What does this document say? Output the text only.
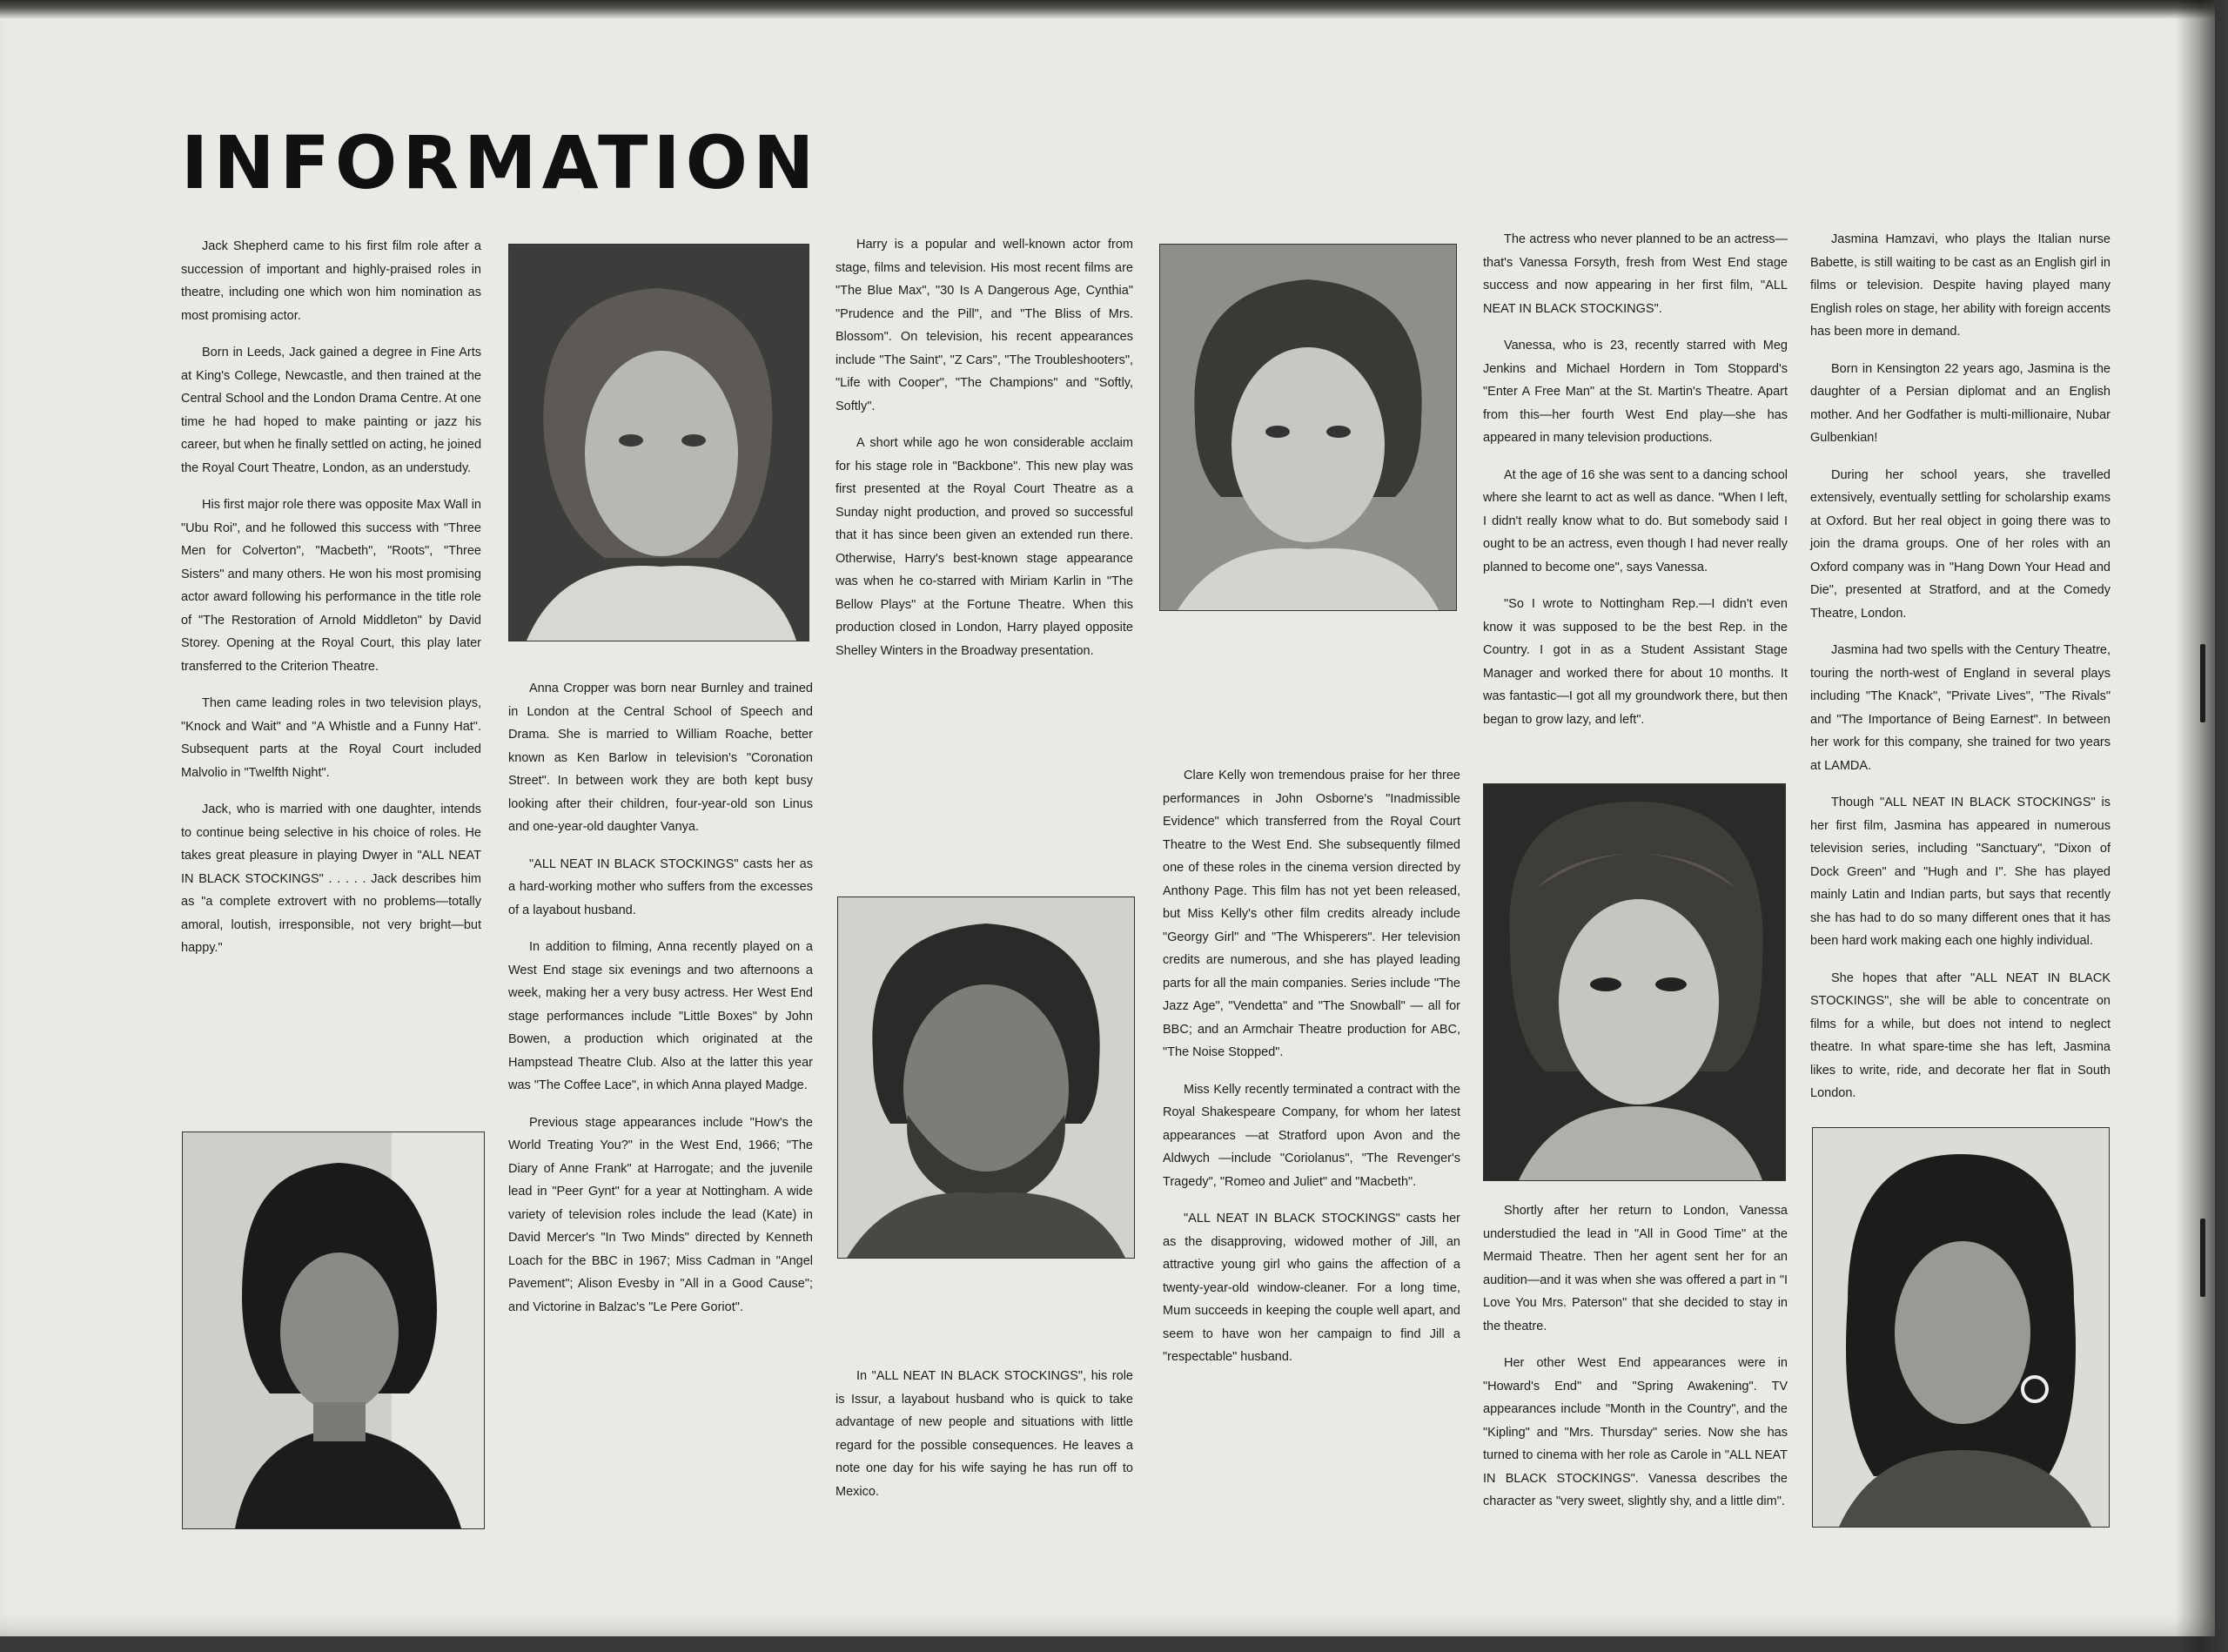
INFORMATION

Jack Shepherd came to his first film role after a succession of important and highly-praised roles in theatre, including one which won him nomination as most promising actor.

Born in Leeds, Jack gained a degree in Fine Arts at King's College, Newcastle, and then trained at the Central School and the London Drama Centre. At one time he had hoped to make painting or jazz his career, but when he finally settled on acting, he joined the Royal Court Theatre, London, as an understudy.

His first major role there was opposite Max Wall in "Ubu Roi", and he followed this success with "Three Men for Colverton", "Macbeth", "Roots", "Three Sisters" and many others. He won his most promising actor award following his performance in the title role of "The Restoration of Arnold Middleton" by David Storey. Opening at the Royal Court, this play later transferred to the Criterion Theatre.

Then came leading roles in two television plays, "Knock and Wait" and "A Whistle and a Funny Hat". Subsequent parts at the Royal Court included Malvolio in "Twelfth Night".

Jack, who is married with one daughter, intends to continue being selective in his choice of roles. He takes great pleasure in playing Dwyer in "ALL NEAT IN BLACK STOCKINGS" . . . . . Jack describes him as "a complete extrovert with no problems—totally amoral, loutish, irresponsible, not very bright—but happy."

Anna Cropper was born near Burnley and trained in London at the Central School of Speech and Drama. She is married to William Roache, better known as Ken Barlow in television's "Coronation Street". In between work they are both kept busy looking after their children, four-year-old son Linus and one-year-old daughter Vanya.

"ALL NEAT IN BLACK STOCKINGS" casts her as a hard-working mother who suffers from the excesses of a layabout husband.

In addition to filming, Anna recently played on a West End stage six evenings and two afternoons a week, making her a very busy actress. Her West End stage performances include "Little Boxes" by John Bowen, a production which originated at the Hampstead Theatre Club. Also at the latter this year was "The Coffee Lace", in which Anna played Madge.

Previous stage appearances include "How's the World Treating You?" in the West End, 1966; "The Diary of Anne Frank" at Harrogate; and the juvenile lead in "Peer Gynt" for a year at Nottingham. A wide variety of television roles include the lead (Kate) in David Mercer's "In Two Minds" directed by Kenneth Loach for the BBC in 1967; Miss Cadman in "Angel Pavement"; Alison Evesby in "All in a Good Cause"; and Victorine in Balzac's "Le Pere Goriot".

Harry is a popular and well-known actor from stage, films and television. His most recent films are "The Blue Max", "30 Is A Dangerous Age, Cynthia" "Prudence and the Pill", and "The Bliss of Mrs. Blossom". On television, his recent appearances include "The Saint", "Z Cars", "The Troubleshooters", "Life with Cooper", "The Champions" and "Softly, Softly".

A short while ago he won considerable acclaim for his stage role in "Backbone". This new play was first presented at the Royal Court Theatre as a Sunday night production, and proved so successful that it has since been given an extended run there. Otherwise, Harry's best-known stage appearance was when he co-starred with Miriam Karlin in "The Bellow Plays" at the Fortune Theatre. When this production closed in London, Harry played opposite Shelley Winters in the Broadway presentation.

In "ALL NEAT IN BLACK STOCKINGS", his role is Issur, a layabout husband who is quick to take advantage of new people and situations with little regard for the possible consequences. He leaves a note one day for his wife saying he has run off to Mexico.

Clare Kelly won tremendous praise for her three performances in John Osborne's "Inadmissible Evidence" which transferred from the Royal Court Theatre to the West End. She subsequently filmed one of these roles in the cinema version directed by Anthony Page. This film has not yet been released, but Miss Kelly's other film credits already include "Georgy Girl" and "The Whisperers". Her television credits are numerous, and she has played leading parts for all the main companies. Series include "The Jazz Age", "Vendetta" and "The Snowball" — all for BBC; and an Armchair Theatre production for ABC, "The Noise Stopped".

Miss Kelly recently terminated a contract with the Royal Shakespeare Company, for whom her latest appearances —at Stratford upon Avon and the Aldwych —include "Coriolanus", "The Revenger's Tragedy", "Romeo and Juliet" and "Macbeth".

"ALL NEAT IN BLACK STOCKINGS" casts her as the disapproving, widowed mother of Jill, an attractive young girl who gains the affection of a twenty-year-old window-cleaner. For a long time, Mum succeeds in keeping the couple well apart, and seem to have won her campaign to find Jill a "respectable" husband.

The actress who never planned to be an actress—that's Vanessa Forsyth, fresh from West End stage success and now appearing in her first film, "ALL NEAT IN BLACK STOCKINGS".

Vanessa, who is 23, recently starred with Meg Jenkins and Michael Hordern in Tom Stoppard's "Enter A Free Man" at the St. Martin's Theatre. Apart from this—her fourth West End play—she has appeared in many television productions.

At the age of 16 she was sent to a dancing school where she learnt to act as well as dance. "When I left, I didn't really know what to do. But somebody said I ought to be an actress, even though I had never really planned to become one", says Vanessa.

"So I wrote to Nottingham Rep.—I didn't even know it was supposed to be the best Rep. in the Country. I got in as a Student Assistant Stage Manager and worked there for about 10 months. It was fantastic—I got all my groundwork there, but then began to grow lazy, and left".

Shortly after her return to London, Vanessa understudied the lead in "All in Good Time" at the Mermaid Theatre. Then her agent sent her for an audition—and it was when she was offered a part in "I Love You Mrs. Paterson" that she decided to stay in the theatre.

Her other West End appearances were in "Howard's End" and "Spring Awakening". TV appearances include "Month in the Country", and the "Kipling" and "Mrs. Thursday" series. Now she has turned to cinema with her role as Carole in "ALL NEAT IN BLACK STOCKINGS". Vanessa describes the character as "very sweet, slightly shy, and a little dim".

Jasmina Hamzavi, who plays the Italian nurse Babette, is still waiting to be cast as an English girl in films or television. Despite having played many English roles on stage, her ability with foreign accents has been more in demand.

Born in Kensington 22 years ago, Jasmina is the daughter of a Persian diplomat and an English mother. And her Godfather is multi-millionaire, Nubar Gulbenkian!

During her school years, she travelled extensively, eventually settling for scholarship exams at Oxford. But her real object in going there was to join the drama groups. One of her roles with an Oxford company was in "Hang Down Your Head and Die", presented at Stratford, and at the Comedy Theatre, London.

Jasmina had two spells with the Century Theatre, touring the north-west of England in several plays including "The Knack", "Private Lives", "The Rivals" and "The Importance of Being Earnest". In between her work for this company, she trained for two years at LAMDA.

Though "ALL NEAT IN BLACK STOCKINGS" is her first film, Jasmina has appeared in numerous television series, including "Sanctuary", "Dixon of Dock Green" and "Hugh and I". She has played mainly Latin and Indian parts, but says that recently she has had to do so many different ones that it has been hard work making each one highly individual.

She hopes that after "ALL NEAT IN BLACK STOCKINGS", she will be able to concentrate on films for a while, but does not intend to neglect theatre. In what spare-time she has left, Jasmina likes to write, ride, and decorate her flat in South London.
